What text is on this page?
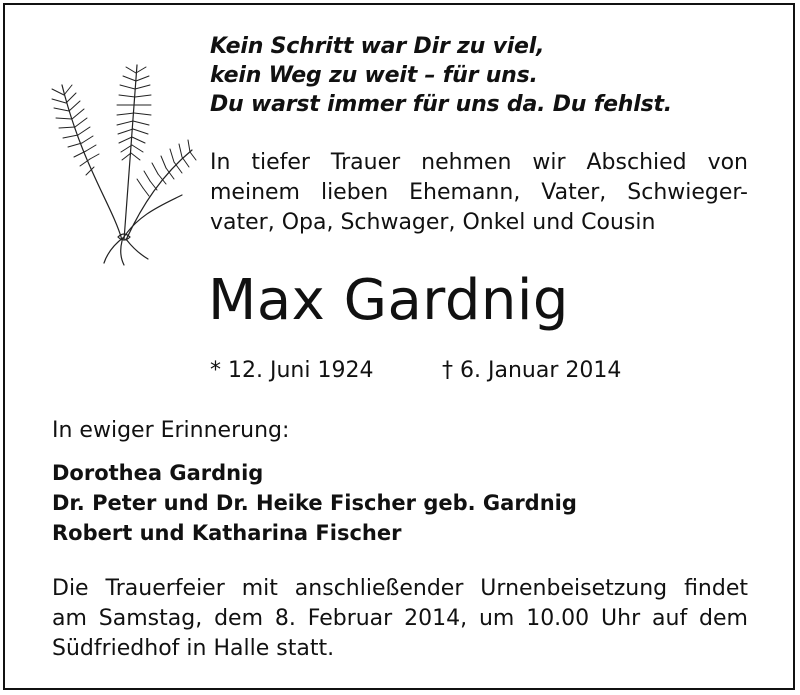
Kein Schritt war Dir zu viel,
kein Weg zu weit – für uns.
Du warst immer für uns da. Du fehlst.
In tiefer Trauer nehmen wir Abschied von
meinem lieben Ehemann, Vater, Schwieger-
vater, Opa, Schwager, Onkel und Cousin
Max Gardnig
* 12. Juni 1924	† 6. Januar 2014
In ewiger Erinnerung:
Dorothea Gardnig
Dr. Peter und Dr. Heike Fischer geb. Gardnig
Robert und Katharina Fischer
Die Trauerfeier mit anschließender Urnenbeisetzung findet
am Samstag, dem 8. Februar 2014, um 10.00 Uhr auf dem
Südfriedhof in Halle statt.
